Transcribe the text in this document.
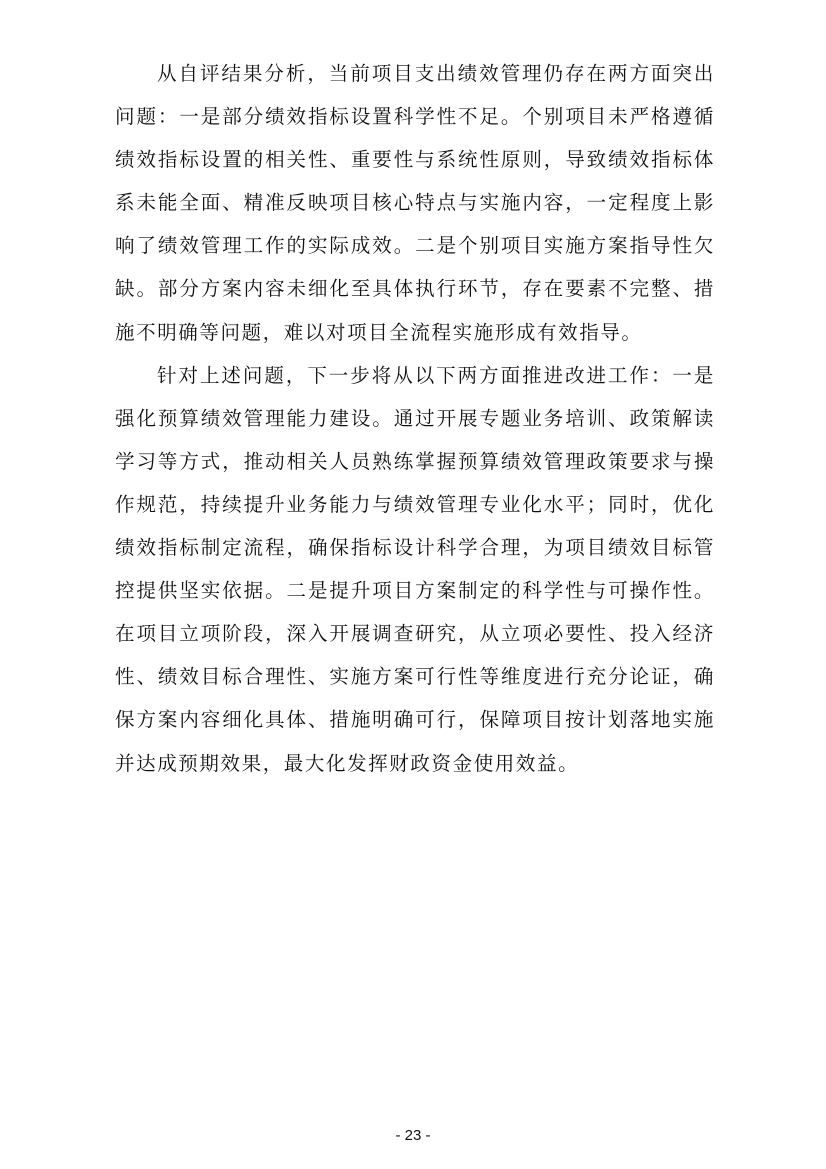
从自评结果分析，当前项目支出绩效管理仍存在两方面突出问题：一是部分绩效指标设置科学性不足。个别项目未严格遵循绩效指标设置的相关性、重要性与系统性原则，导致绩效指标体系未能全面、精准反映项目核心特点与实施内容，一定程度上影响了绩效管理工作的实际成效。二是个别项目实施方案指导性欠缺。部分方案内容未细化至具体执行环节，存在要素不完整、措施不明确等问题，难以对项目全流程实施形成有效指导。

针对上述问题，下一步将从以下两方面推进改进工作：一是强化预算绩效管理能力建设。通过开展专题业务培训、政策解读学习等方式，推动相关人员熟练掌握预算绩效管理政策要求与操作规范，持续提升业务能力与绩效管理专业化水平；同时，优化绩效指标制定流程，确保指标设计科学合理，为项目绩效目标管控提供坚实依据。二是提升项目方案制定的科学性与可操作性。在项目立项阶段，深入开展调查研究，从立项必要性、投入经济性、绩效目标合理性、实施方案可行性等维度进行充分论证，确保方案内容细化具体、措施明确可行，保障项目按计划落地实施并达成预期效果，最大化发挥财政资金使用效益。

- 23 -
